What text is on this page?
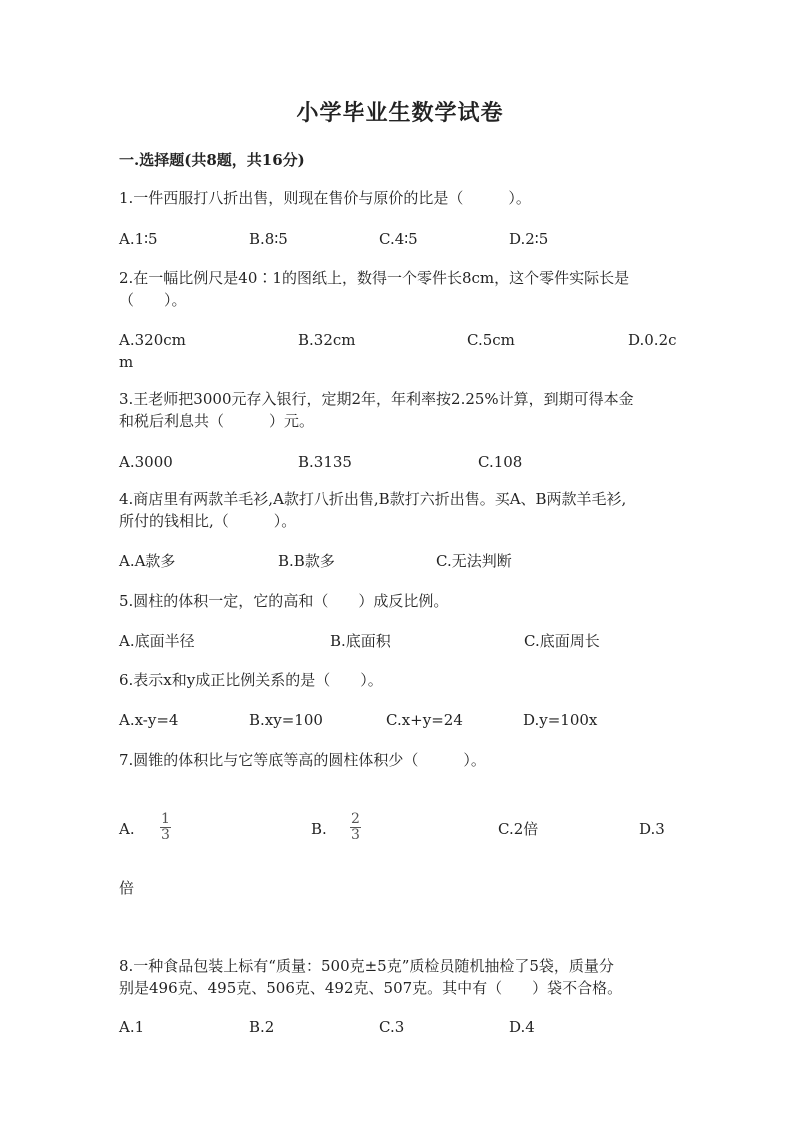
小学毕业生数学试卷
一.选择题(共8题，共16分)
1.一件西服打八折出售，则现在售价与原价的比是（　　　）。
A.1∶5	B.8∶5	C.4∶5	D.2∶5
2.在一幅比例尺是40∶1的图纸上，数得一个零件长8cm，这个零件实际长是
（　　）。
A.320cm	B.32cm	C.5cm	D.0.2c
m
3.王老师把3000元存入银行，定期2年，年利率按2.25%计算，到期可得本金
和税后利息共（　　　）元。
A.3000	B.3135	C.108
4.商店里有两款羊毛衫,A款打八折出售,B款打六折出售。买A、B两款羊毛衫,
所付的钱相比,（　　　）。
A.A款多	B.B款多	C.无法判断
5.圆柱的体积一定，它的高和（　　）成反比例。
A.底面半径	B.底面积	C.底面周长
6.表示x和y成正比例关系的是（　　）。
A.x-y=4	B.xy=100	C.x+y=24	D.y=100x
7.圆锥的体积比与它等底等高的圆柱体积少（　　　）。
A. $\frac{1}{3}$	B. $\frac{2}{3}$	C.2倍	D.3
倍
8.一种食品包装上标有“质量：500克±5克”质检员随机抽检了5袋，质量分
别是496克、495克、506克、492克、507克。其中有（　　）袋不合格。
A.1	B.2	C.3	D.4
